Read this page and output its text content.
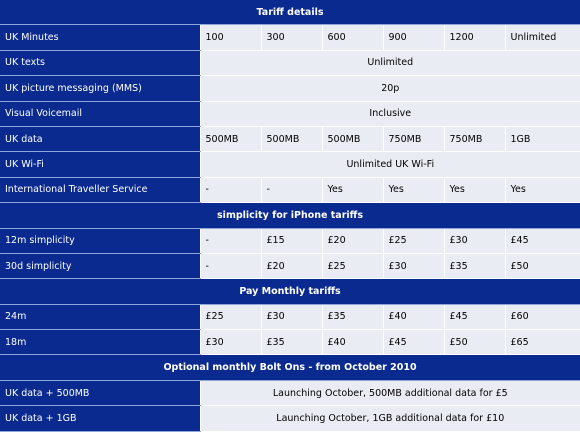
Tariff details						
UK Minutes	100	300	600	900	1200	Unlimited
UK texts	Unlimited					
UK picture messaging (MMS)	20p					
Visual Voicemail	Inclusive					
UK data	500MB	500MB	500MB	750MB	750MB	1GB
UK Wi-Fi	Unlimited UK Wi-Fi					
International Traveller Service	-	-	Yes	Yes	Yes	Yes
simplicity for iPhone tariffs						
12m simplicity	-	£15	£20	£25	£30	£45
30d simplicity	-	£20	£25	£30	£35	£50
Pay Monthly tariffs						
24m	£25	£30	£35	£40	£45	£60
18m	£30	£35	£40	£45	£50	£65
Optional monthly Bolt Ons - from October 2010						
UK data + 500MB	Launching October, 500MB additional data for £5					
UK data + 1GB	Launching October, 1GB additional data for £10					
